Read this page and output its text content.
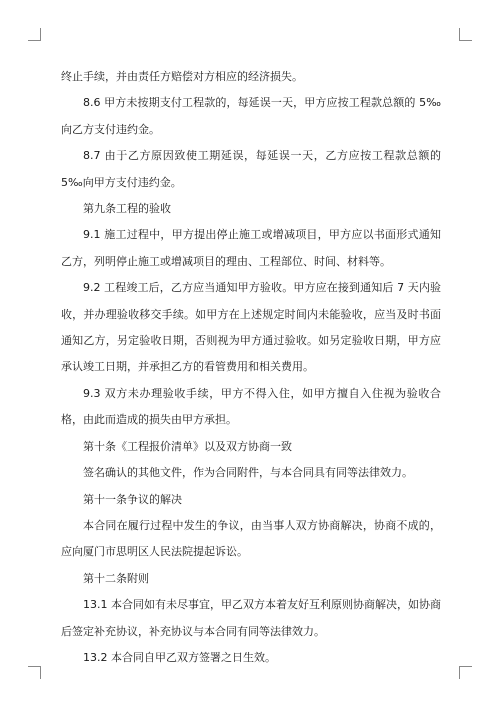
终止手续，并由责任方赔偿对方相应的经济损失。

8.6 甲方未按期支付工程款的，每延误一天，甲方应按工程款总额的 5‰向乙方支付违约金。

8.7 由于乙方原因致使工期延误，每延误一天，乙方应按工程款总额的 5‰向甲方支付违约金。

第九条工程的验收

9.1 施工过程中，甲方提出停止施工或增减项目，甲方应以书面形式通知乙方，列明停止施工或增减项目的理由、工程部位、时间、材料等。

9.2 工程竣工后，乙方应当通知甲方验收。甲方应在接到通知后 7 天内验收，并办理验收移交手续。如甲方在上述规定时间内未能验收，应当及时书面通知乙方，另定验收日期，否则视为甲方通过验收。如另定验收日期，甲方应承认竣工日期，并承担乙方的看管费用和相关费用。

9.3 双方未办理验收手续，甲方不得入住，如甲方擅自入住视为验收合格，由此而造成的损失由甲方承担。

第十条《工程报价清单》以及双方协商一致

签名确认的其他文件，作为合同附件，与本合同具有同等法律效力。

第十一条争议的解决

本合同在履行过程中发生的争议，由当事人双方协商解决，协商不成的，应向厦门市思明区人民法院提起诉讼。

第十二条附则

13.1 本合同如有未尽事宜，甲乙双方本着友好互利原则协商解决，如协商后签定补充协议，补充协议与本合同有同等法律效力。

13.2 本合同自甲乙双方签署之日生效。
